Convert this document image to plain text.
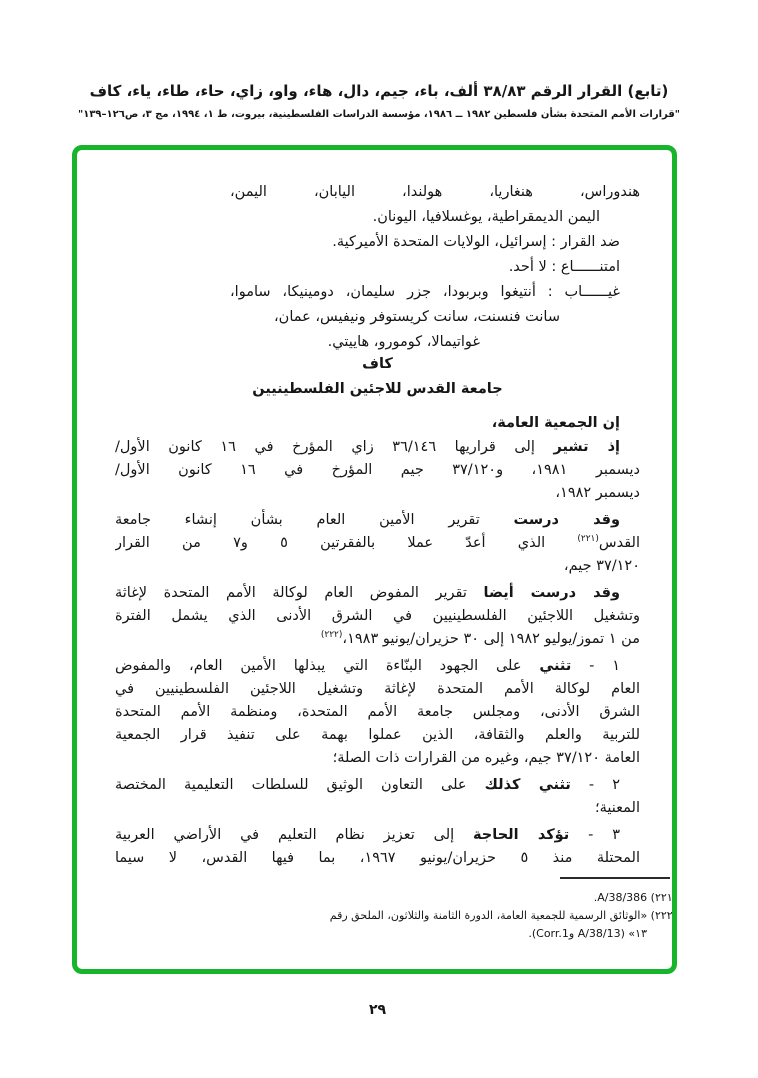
(تابع) القرار الرقم ٣٨/٨٣ ألف، باء، جيم، دال، هاء، واو، زاي، حاء، طاء، ياء، كاف
"قرارات الأمم المتحدة بشأن فلسطين ١٩٨٢ ــ ١٩٨٦، مؤسسة الدراسات الفلسطينية، بيروت، ط ١، ١٩٩٤، مج ٣، ص١٢٦–١٣٩"
هندوراس، هنغاريا، هولندا، اليابان، اليمن،
اليمن الديمقراطية، يوغسلافيا، اليونان.
ضد القرار : إسرائيل، الولايات المتحدة الأميركية.
امتنــــــاع : لا أحد.
غيــــــاب : أنتيغوا وبربودا، جزر سليمان، دومينيكا، ساموا،
سانت فنسنت، سانت كريستوفر ونيفيس، عمان،
غواتيمالا، كومورو، هاييتي.
كاف
جامعة القدس للاجئين الفلسطينيين
إن الجمعية العامة،
إذ تشير إلى قراريها ٣٦/١٤٦ زاي المؤرخ في ١٦ كانون الأول/
ديسمبر ١٩٨١، و٣٧/١٢٠ جيم المؤرخ في ١٦ كانون الأول/
ديسمبر ١٩٨٢،
وقد درست تقرير الأمين العام بشأن إنشاء جامعة
القدس$^{(٢٢١)}$ الذي أعدّ عملا بالفقرتين ٥ و٧ من القرار
٣٧/١٢٠ جيم،
وقد درست أيضا تقرير المفوض العام لوكالة الأمم المتحدة لإغاثة
وتشغيل اللاجئين الفلسطينيين في الشرق الأدنى الذي يشمل الفترة
من ١ تموز/يوليو ١٩٨٢ إلى ٣٠ حزيران/يونيو ١٩٨٣،$^{(٢٢٢)}$
١ - تثني على الجهود البنّاءة التي يبذلها الأمين العام، والمفوض
العام لوكالة الأمم المتحدة لإغاثة وتشغيل اللاجئين الفلسطينيين في
الشرق الأدنى، ومجلس جامعة الأمم المتحدة، ومنظمة الأمم المتحدة
للتربية والعلم والثقافة، الذين عملوا بهمة على تنفيذ قرار الجمعية
العامة ٣٧/١٢٠ جيم، وغيره من القرارات ذات الصلة؛
٢ - تثني كذلك على التعاون الوثيق للسلطات التعليمية المختصة
المعنية؛
٣ - تؤكد الحاجة إلى تعزيز نظام التعليم في الأراضي العربية
المحتلة منذ ٥ حزيران/يونيو ١٩٦٧، بما فيها القدس، لا سيما
(٢٢١) A/38/386.
(٢٢٢) «الوثائق الرسمية للجمعية العامة، الدورة الثامنة والثلاثون، الملحق رقم
١٣» (A/38/13 وCorr.1).
٢٩
